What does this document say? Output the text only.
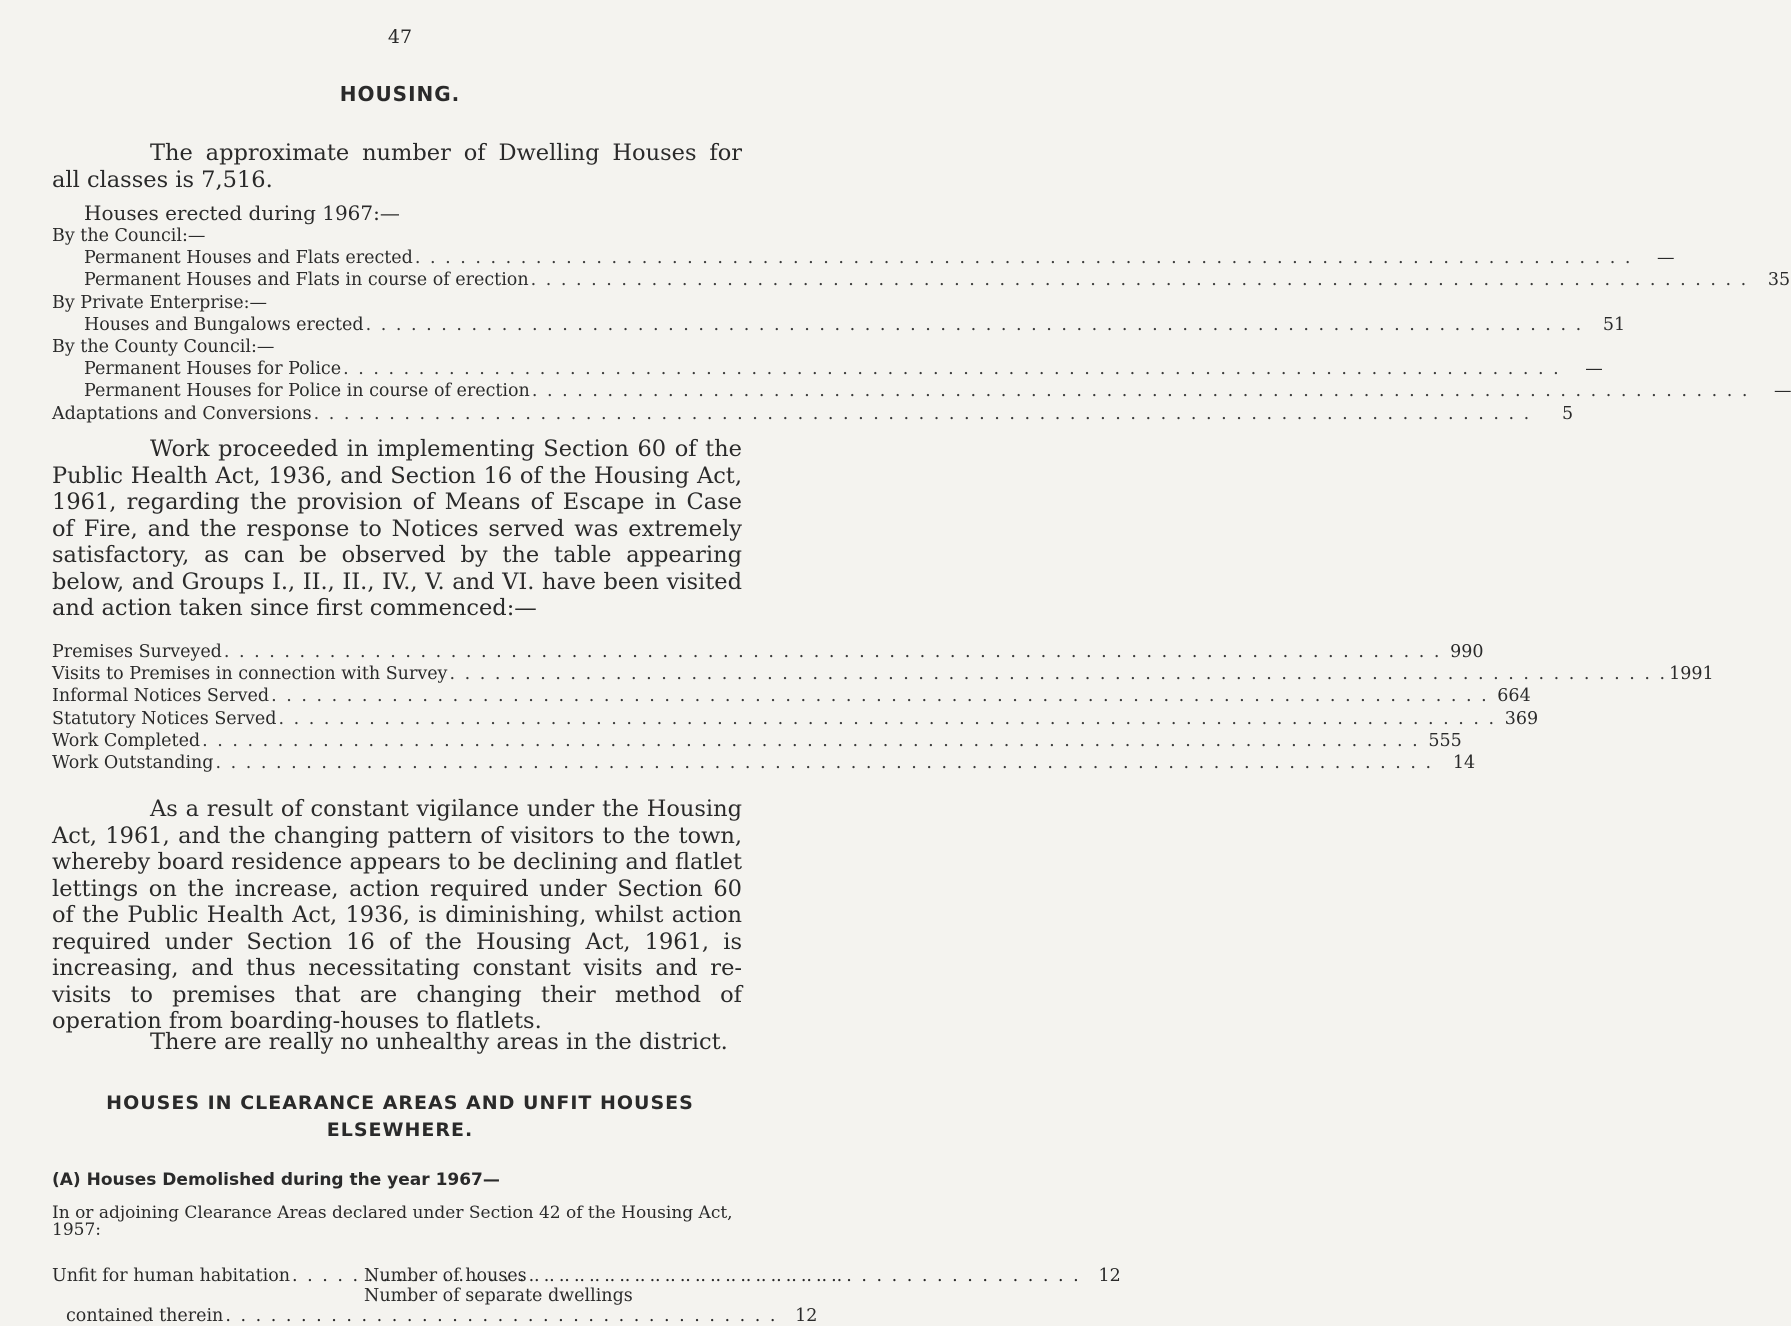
47
HOUSING.

The approximate number of Dwelling Houses for all classes is 7,516.

Houses erected during 1967:—
By the Council:—
Permanent Houses and Flats erected . . .	—
Permanent Houses and Flats in course of erection . . .	35
By Private Enterprise:—
Houses and Bungalows erected . . .	51
By the County Council:—
Permanent Houses for Police . . .	—
Permanent Houses for Police in course of erection . . .	—
Adaptations and Conversions . . .	5

Work proceeded in implementing Section 60 of the Public Health Act, 1936, and Section 16 of the Housing Act, 1961, regarding the provision of Means of Escape in Case of Fire, and the response to Notices served was extremely satisfactory, as can be observed by the table appearing below, and Groups I., II., II., IV., V. and VI. have been visited and action taken since first commenced:—

Premises Surveyed . . .	990
Visits to Premises in connection with Survey . . .	1991
Informal Notices Served . . .	664
Statutory Notices Served . . .	369
Work Completed . . .	555
Work Outstanding . . .	14

As a result of constant vigilance under the Housing Act, 1961, and the changing pattern of visitors to the town, whereby board residence appears to be declining and flatlet lettings on the increase, action required under Section 60 of the Public Health Act, 1936, is diminishing, whilst action required under Section 16 of the Housing Act, 1961, is increasing, and thus necessitating constant visits and re-visits to premises that are changing their method of operation from boarding-houses to flatlets.

There are really no unhealthy areas in the district.

HOUSES IN CLEARANCE AREAS AND UNFIT HOUSES
ELSEWHERE.
(A) Houses Demolished during the year 1967—
In or adjoining Clearance Areas declared under Section 42 of the Housing Act, 1957:
Unfit for human habitation . . .	Number of houses . . .	12
Number of separate dwellings
contained therein . . .	12
